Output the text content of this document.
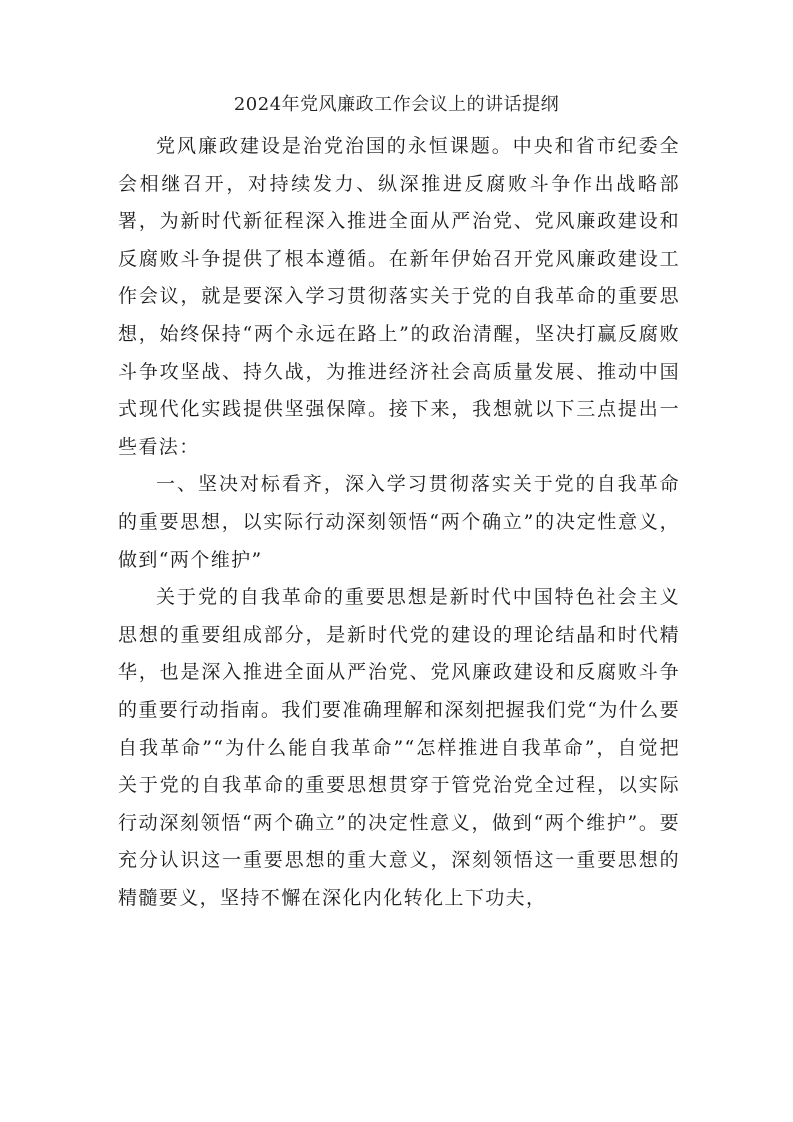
2024年党风廉政工作会议上的讲话提纲

党风廉政建设是治党治国的永恒课题。中央和省市纪委全会相继召开，对持续发力、纵深推进反腐败斗争作出战略部署，为新时代新征程深入推进全面从严治党、党风廉政建设和反腐败斗争提供了根本遵循。在新年伊始召开党风廉政建设工作会议，就是要深入学习贯彻落实关于党的自我革命的重要思想，始终保持“两个永远在路上”的政治清醒，坚决打赢反腐败斗争攻坚战、持久战，为推进经济社会高质量发展、推动中国式现代化实践提供坚强保障。接下来，我想就以下三点提出一些看法：

一、坚决对标看齐，深入学习贯彻落实关于党的自我革命的重要思想，以实际行动深刻领悟“两个确立”的决定性意义，做到“两个维护”

关于党的自我革命的重要思想是新时代中国特色社会主义思想的重要组成部分，是新时代党的建设的理论结晶和时代精华，也是深入推进全面从严治党、党风廉政建设和反腐败斗争的重要行动指南。我们要准确理解和深刻把握我们党“为什么要自我革命”“为什么能自我革命”“怎样推进自我革命”，自觉把关于党的自我革命的重要思想贯穿于管党治党全过程，以实际行动深刻领悟“两个确立”的决定性意义，做到“两个维护”。要充分认识这一重要思想的重大意义，深刻领悟这一重要思想的精髓要义，坚持不懈在深化内化转化上下功夫，
